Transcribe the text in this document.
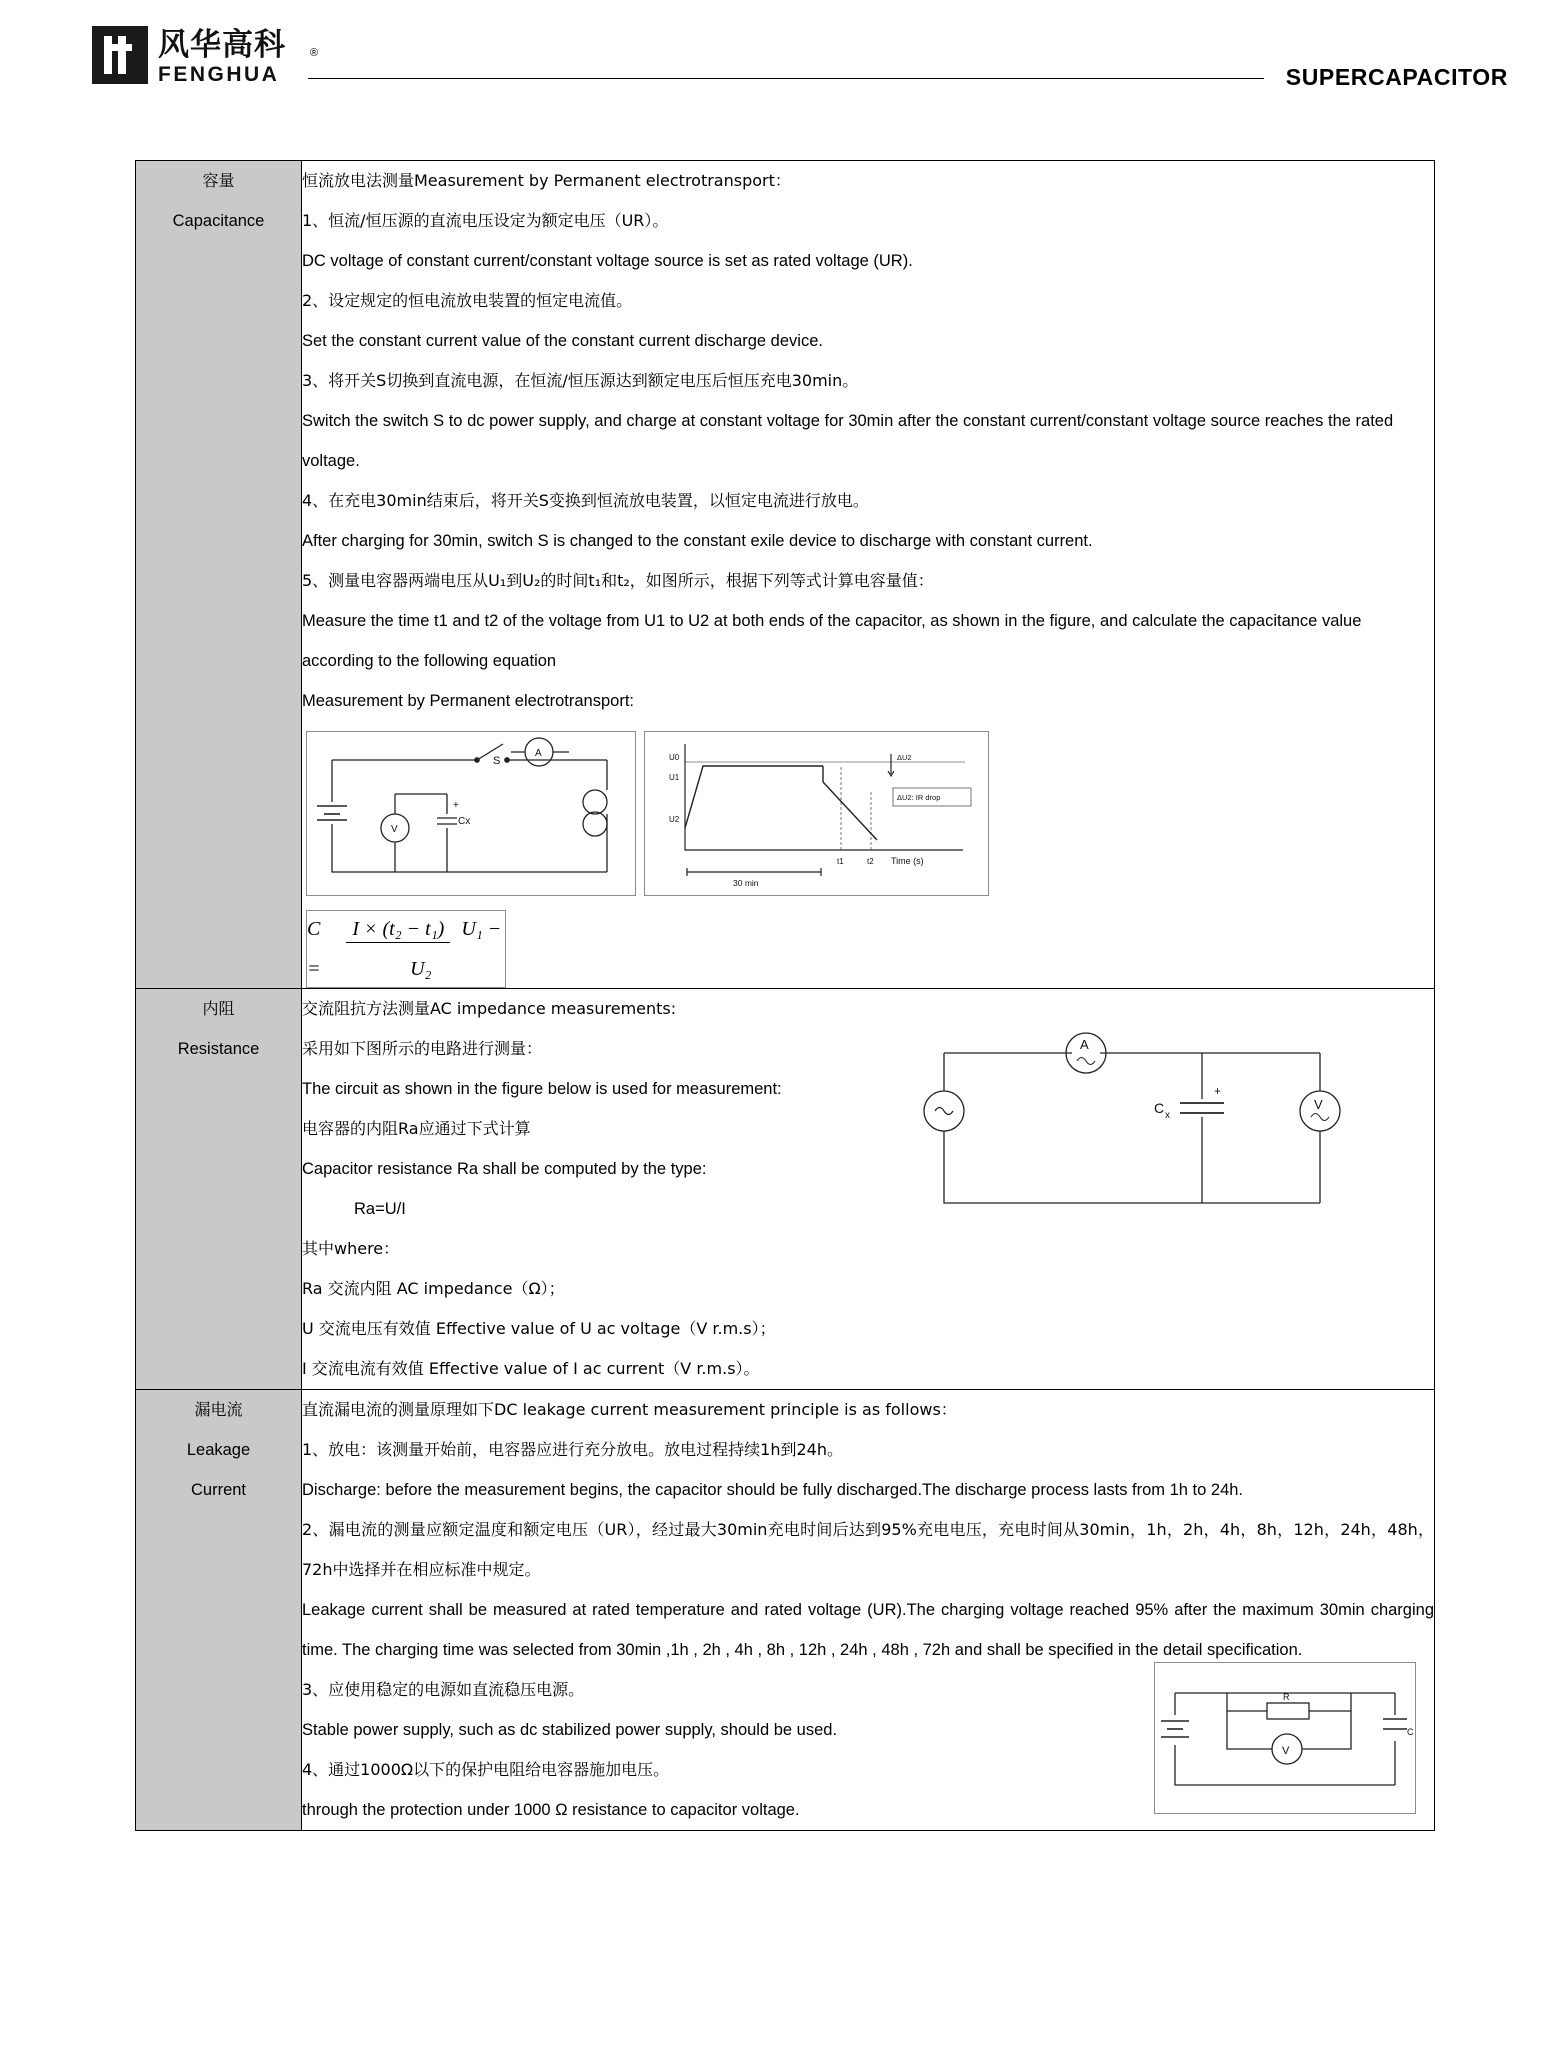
风华高科
FENGHUA
®
SUPERCAPACITOR
容量
Capacitance

恒流放电法测量Measurement by Permanent electrotransport：
1、恒流/恒压源的直流电压设定为额定电压（UR）。
DC voltage of constant current/constant voltage source is set as rated voltage (UR).
2、设定规定的恒电流放电装置的恒定电流值。
Set the constant current value of the constant current discharge device.
3、将开关S切换到直流电源，在恒流/恒压源达到额定电压后恒压充电30min。
Switch the switch S to dc power supply, and charge at constant voltage for 30min after the constant current/constant voltage source reaches the rated voltage.
4、在充电30min结束后，将开关S变换到恒流放电装置，以恒定电流进行放电。
After charging for 30min, switch S is changed to the constant exile device to discharge with constant current.
5、测量电容器两端电压从U₁到U₂的时间t₁和t₂，如图所示，根据下列等式计算电容量值：
Measure the time t1 and t2 of the voltage from U1 to U2 at both ends of the capacitor, as shown in the figure, and calculate the capacitance value according to the following equation
Measurement by Permanent electrotransport:
S
A
V
Cx
+
U0
U1
U2
ΔU2
ΔU2: IR drop
t1	t2 Time (s)
30 min
C =
I × (t₂ − t₁) U₁ − U₂

内阻
Resistance

交流阻抗方法测量AC impedance measurements:
采用如下图所示的电路进行测量：
The circuit as shown in the figure below is used for measurement:
电容器的内阻Ra应通过下式计算
Capacitor resistance Ra shall be computed by the type:
Ra=U/I
其中where：
Ra 交流内阻 AC impedance（Ω）；
U 交流电压有效值 Effective value of U ac voltage（V r.m.s）；
I 交流电流有效值 Effective value of I ac current（V r.m.s）。
A
V
C x
+

漏电流
Leakage
Current

直流漏电流的测量原理如下DC leakage current measurement principle is as follows：
1、放电：该测量开始前，电容器应进行充分放电。放电过程持续1h到24h。
Discharge: before the measurement begins, the capacitor should be fully discharged.The discharge process lasts from 1h to 24h.
2、漏电流的测量应额定温度和额定电压（UR），经过最大30min充电时间后达到95%充电电压，充电时间从30min，1h，2h，4h，8h，12h，24h，48h，72h中选择并在相应标准中规定。
Leakage current shall be measured at rated temperature and rated voltage (UR).The charging voltage reached 95% after the maximum 30min charging time. The charging time was selected from 30min ,1h , 2h , 4h , 8h , 12h , 24h , 48h , 72h and shall be specified in the detail specification.
3、应使用稳定的电源如直流稳压电源。
Stable power supply, such as dc stabilized power supply, should be used.
4、通过1000Ω以下的保护电阻给电容器施加电压。
through the protection under 1000 Ω resistance to capacitor voltage.
R
V
C
